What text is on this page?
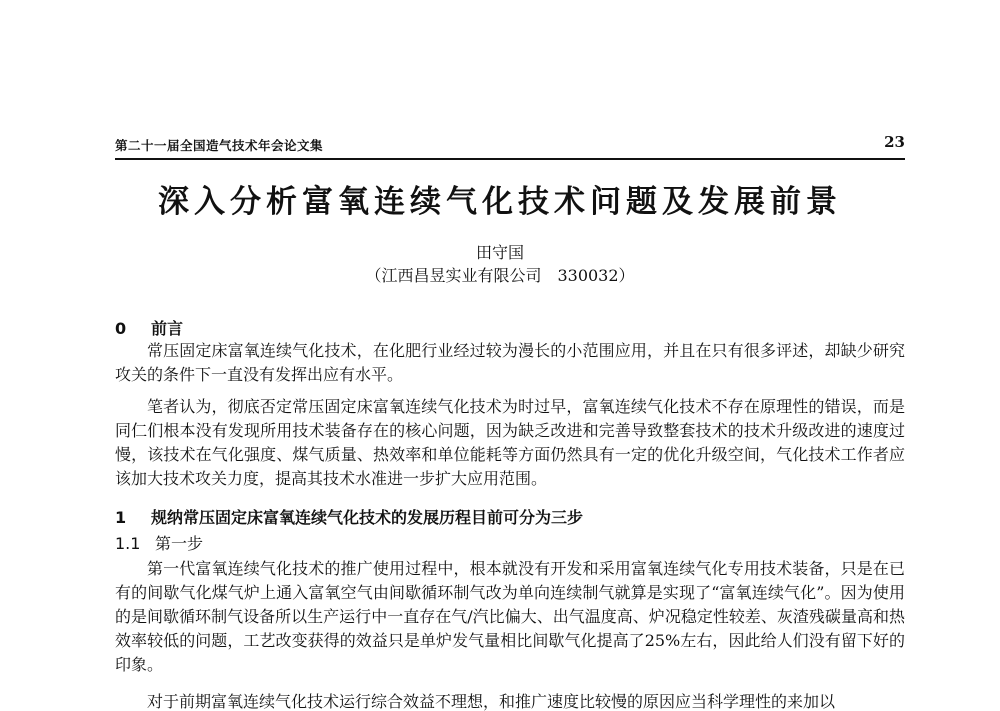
第二十一届全国造气技术年会论文集	23
深入分析富氧连续气化技术问题及发展前景
田守国
（江西昌昱实业有限公司　330032）
0 前言

常压固定床富氧连续气化技术，在化肥行业经过较为漫长的小范围应用，并且在只有很多评述，却缺少研究攻关的条件下一直没有发挥出应有水平。

笔者认为，彻底否定常压固定床富氧连续气化技术为时过早，富氧连续气化技术不存在原理性的错误，而是同仁们根本没有发现所用技术装备存在的核心问题，因为缺乏改进和完善导致整套技术的技术升级改进的速度过慢，该技术在气化强度、煤气质量、热效率和单位能耗等方面仍然具有一定的优化升级空间，气化技术工作者应该加大技术攻关力度，提高其技术水准进一步扩大应用范围。

1 规纳常压固定床富氧连续气化技术的发展历程目前可分为三步
1.1 第一步

第一代富氧连续气化技术的推广使用过程中，根本就没有开发和采用富氧连续气化专用技术装备，只是在已有的间歇气化煤气炉上通入富氧空气由间歇循环制气改为单向连续制气就算是实现了“富氧连续气化”。因为使用的是间歇循环制气设备所以生产运行中一直存在气/汽比偏大、出气温度高、炉况稳定性较差、灰渣残碳量高和热效率较低的问题，工艺改变获得的效益只是单炉发气量相比间歇气化提高了25%左右，因此给人们没有留下好的印象。

对于前期富氧连续气化技术运行综合效益不理想，和推广速度比较慢的原因应当科学理性的来加以
